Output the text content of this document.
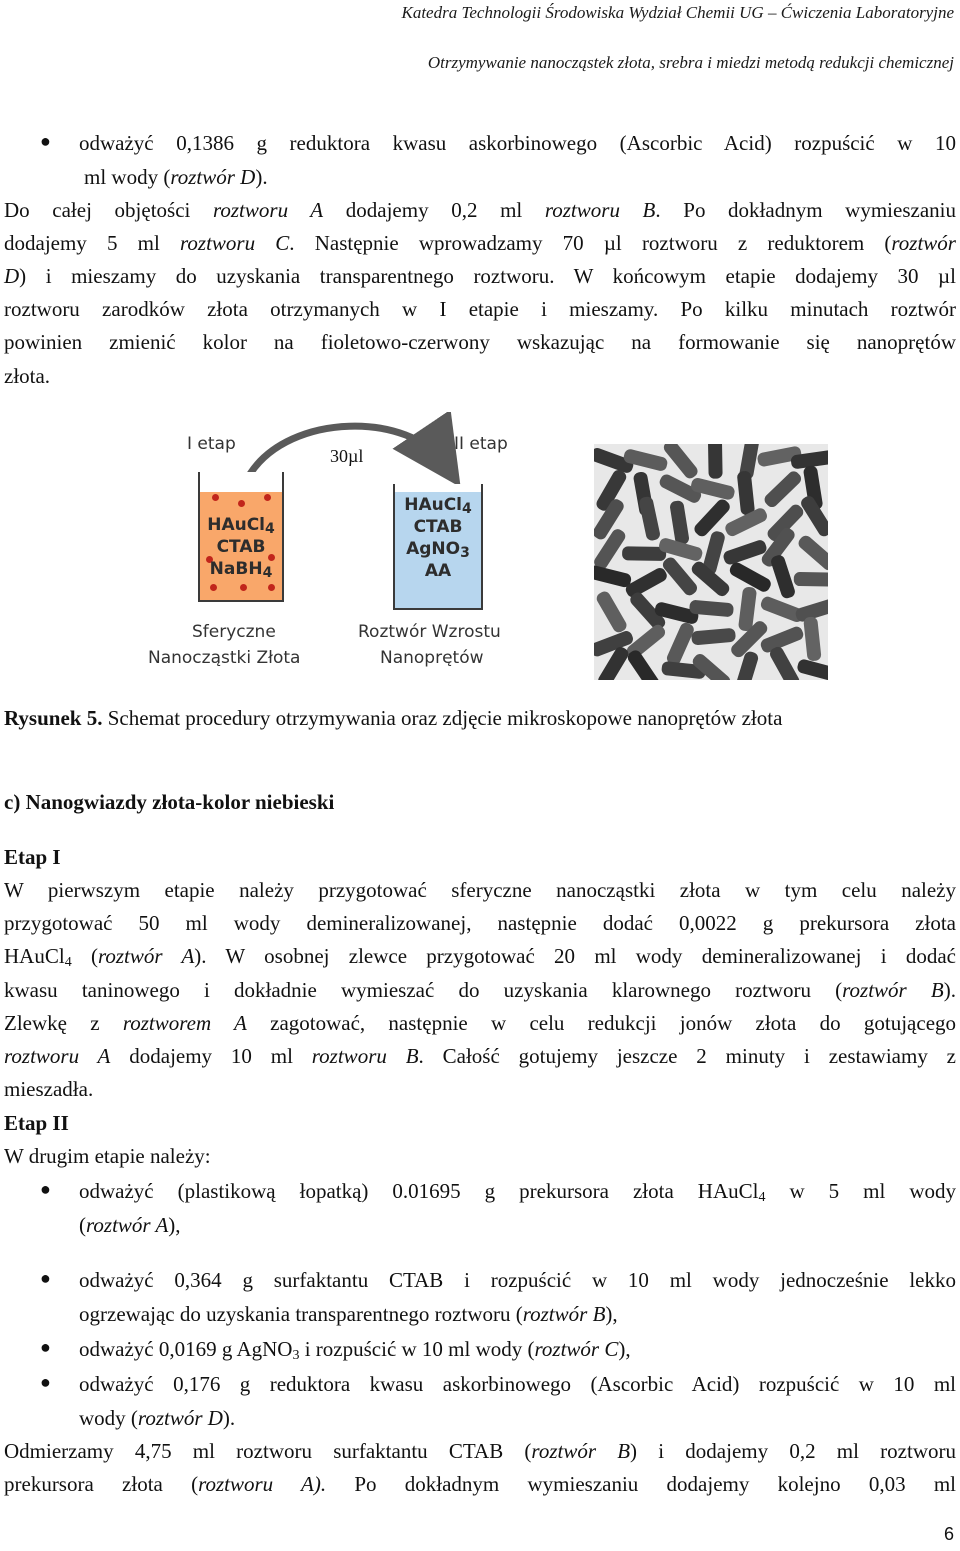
Katedra Technologii Środowiska Wydział Chemii UG – Ćwiczenia Laboratoryjne

Otrzymywanie nanocząstek złota, srebra i miedzi metodą redukcji chemicznej

● odważyć 0,1386 g reduktora kwasu askorbinowego (Ascorbic Acid) rozpuścić w 10

ml wody (roztwór D).

Do całej objętości roztworu A dodajemy 0,2 ml roztworu B. Po dokładnym wymieszaniu

dodajemy 5 ml roztworu C. Następnie wprowadzamy 70 µl roztworu z reduktorem (roztwór

D) i mieszamy do uzyskania transparentnego roztworu. W końcowym etapie dodajemy 30 µl

roztworu zarodków złota otrzymanych w I etapie i mieszamy. Po kilku minutach roztwór

powinien zmienić kolor na fioletowo-czerwony wskazując na formowanie się nanoprętów

złota.

I etap	II etap
30µl
HAuCl$_4$
CTAB
NaBH$_4$
HAuCl$_4$
CTAB
AgNO$_3$
AA
Sferyczne
Nanocząstki Złota
Roztwór Wzrostu
Nanoprętów

Rysunek 5. Schemat procedury otrzymywania oraz zdjęcie mikroskopowe nanoprętów złota

c) Nanogwiazdy złota-kolor niebieski

Etap I

W pierwszym etapie należy przygotować sferyczne nanocząstki złota w tym celu należy

przygotować 50 ml wody demineralizowanej, następnie dodać 0,0022 g prekursora złota

HAuCl$_4$ (roztwór A). W osobnej zlewce przygotować 20 ml wody demineralizowanej i dodać

kwasu taninowego i dokładnie wymieszać do uzyskania klarownego roztworu (roztwór B).

Zlewkę z roztworem A zagotować, następnie w celu redukcji jonów złota do gotującego

roztworu A dodajemy 10 ml roztworu B. Całość gotujemy jeszcze 2 minuty i zestawiamy z

mieszadła.

Etap II

W drugim etapie należy:

● odważyć (plastikową łopatką) 0.01695 g prekursora złota HAuCl$_4$ w 5 ml wody

(roztwór A),

● odważyć 0,364 g surfaktantu CTAB i rozpuścić w 10 ml wody jednocześnie lekko

ogrzewając do uzyskania transparentnego roztworu (roztwór B),

● odważyć 0,0169 g AgNO$_3$ i rozpuścić w 10 ml wody (roztwór C),

● odważyć 0,176 g reduktora kwasu askorbinowego (Ascorbic Acid) rozpuścić w 10 ml

wody (roztwór D).

Odmierzamy 4,75 ml roztworu surfaktantu CTAB (roztwór B) i dodajemy 0,2 ml roztworu

prekursora złota (roztworu A). Po dokładnym wymieszaniu dodajemy kolejno 0,03 ml

6
